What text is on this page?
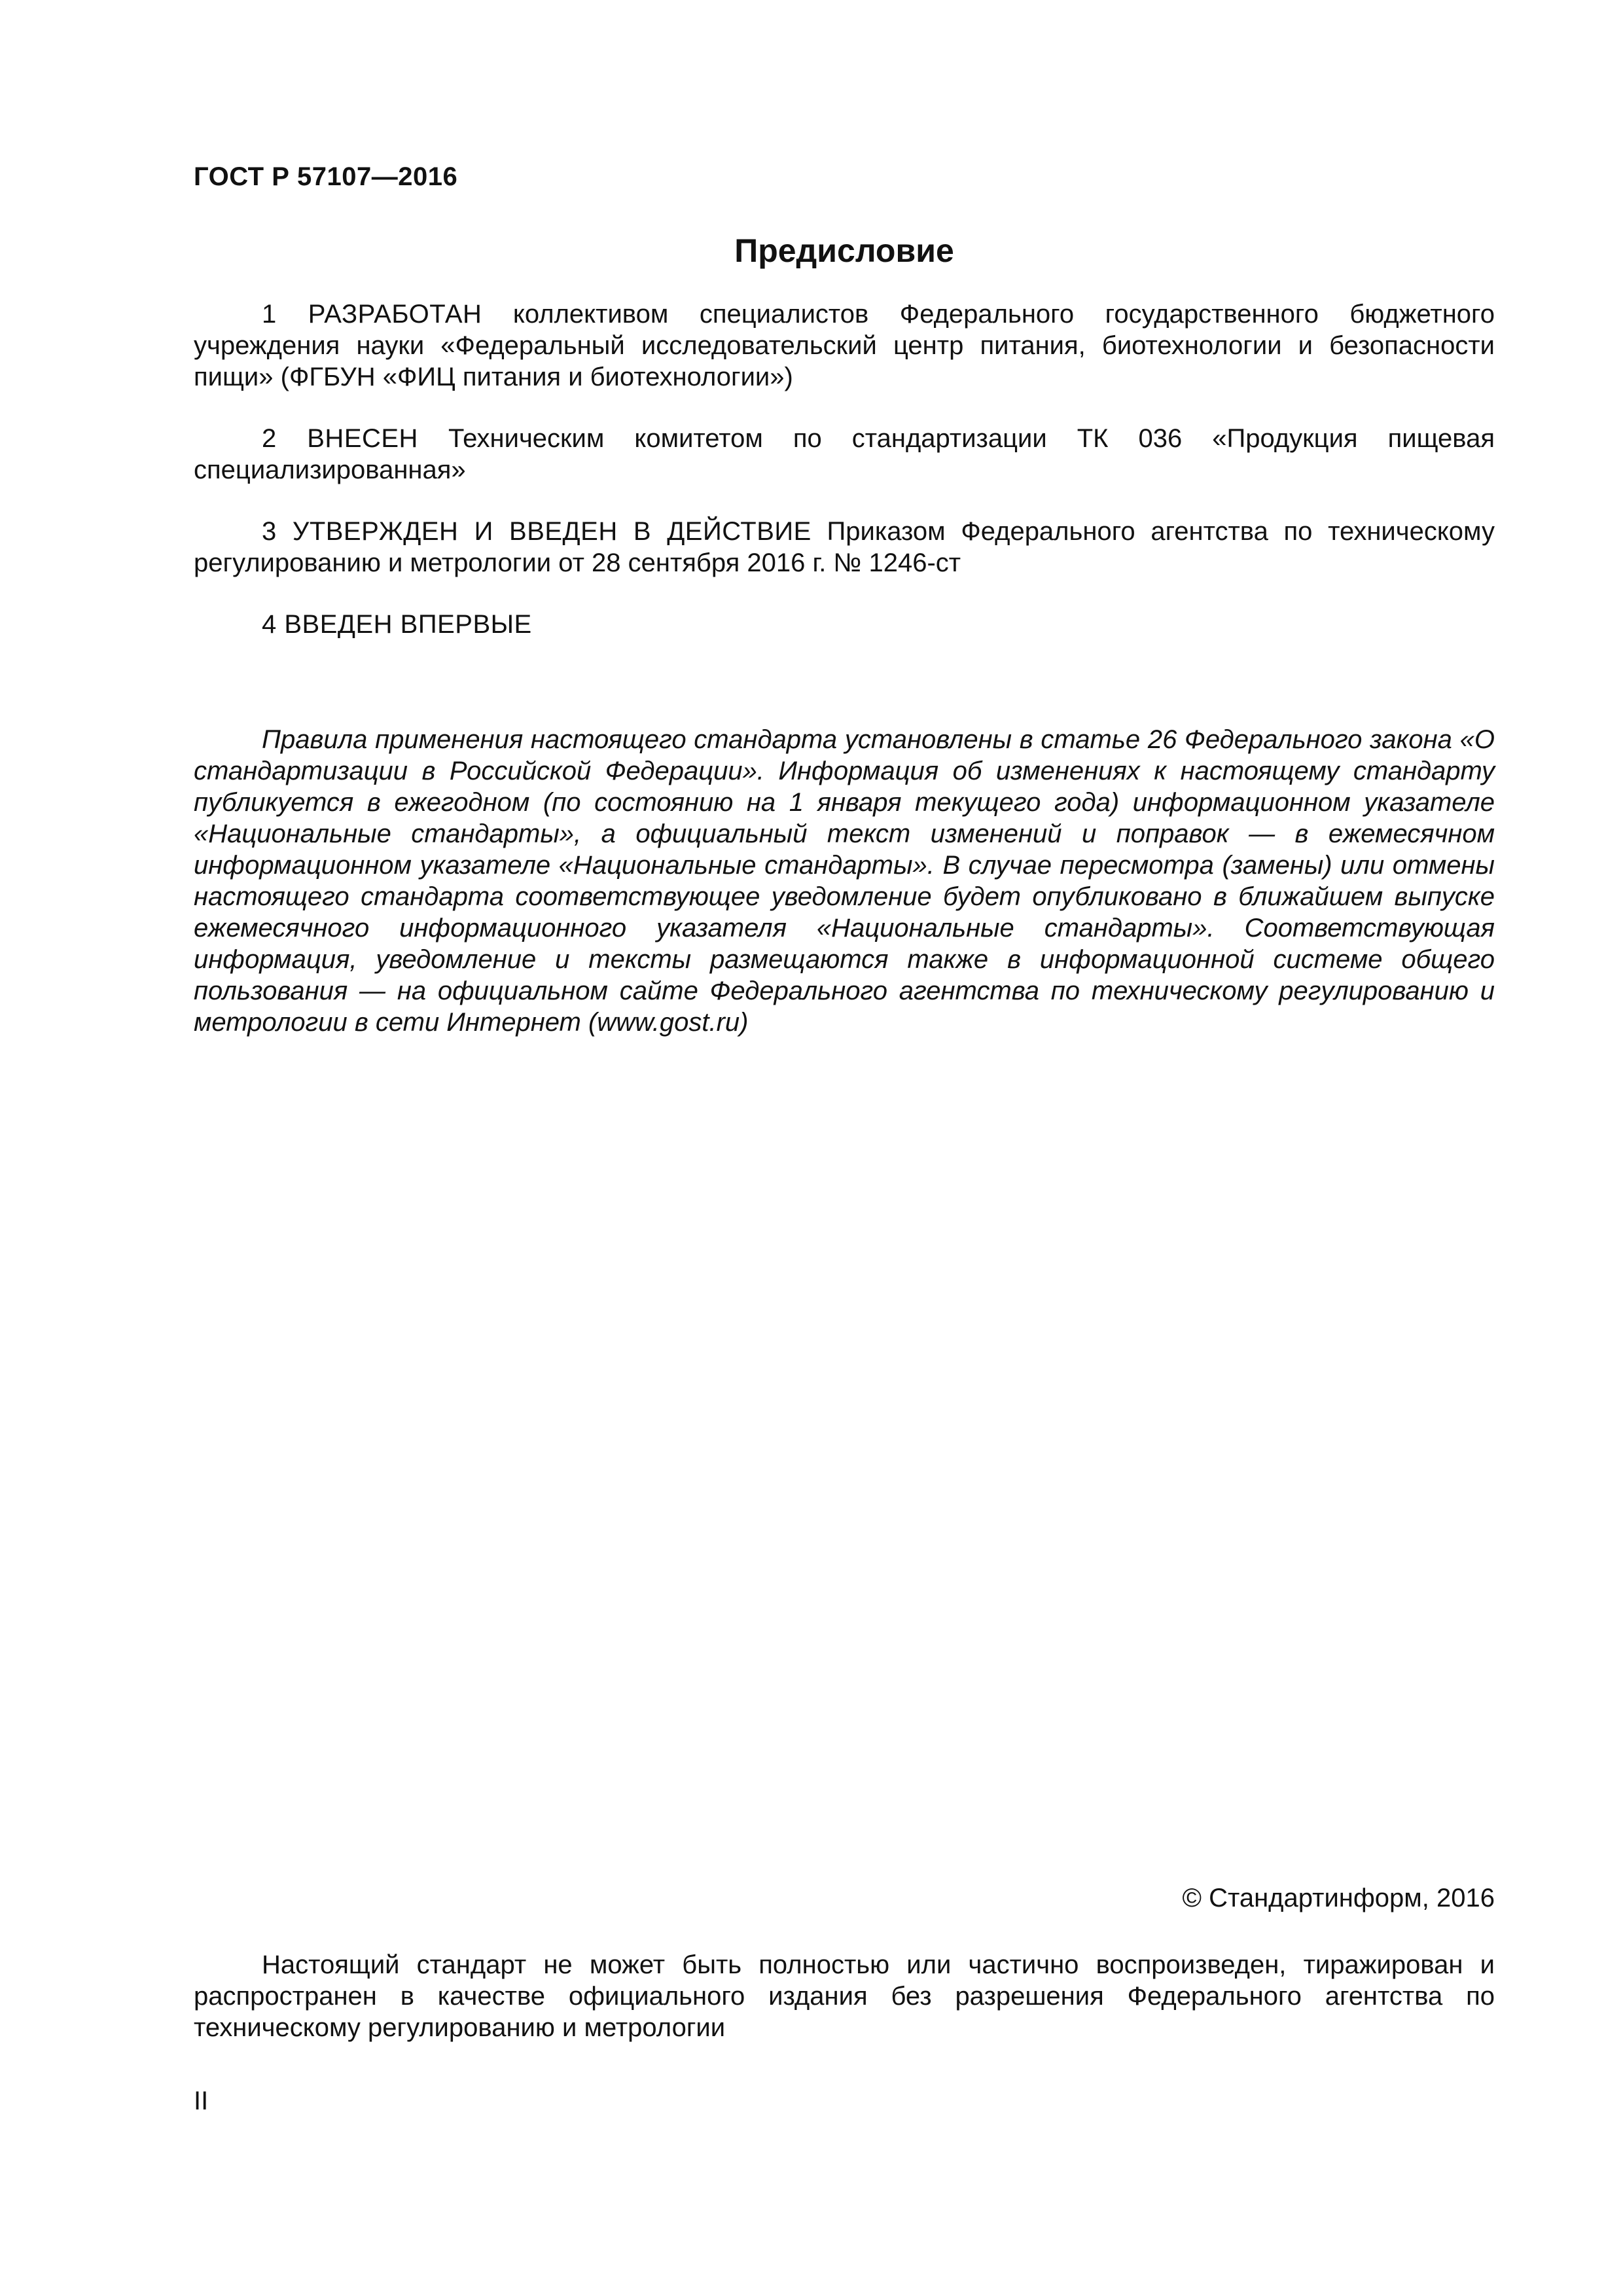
ГОСТ Р 57107—2016

Предисловие

1 РАЗРАБОТАН коллективом специалистов Федерального государственного бюджетного учреждения науки «Федеральный исследовательский центр питания, биотехнологии и безопасности пищи» (ФГБУН «ФИЦ питания и биотехнологии»)

2 ВНЕСЕН Техническим комитетом по стандартизации ТК 036 «Продукция пищевая специализированная»

3 УТВЕРЖДЕН И ВВЕДЕН В ДЕЙСТВИЕ Приказом Федерального агентства по техническому регулированию и метрологии от 28 сентября 2016 г. № 1246-ст

4 ВВЕДЕН ВПЕРВЫЕ

Правила применения настоящего стандарта установлены в статье 26 Федерального закона «О стандартизации в Российской Федерации». Информация об изменениях к настоящему стандарту публикуется в ежегодном (по состоянию на 1 января текущего года) информационном указателе «Национальные стандарты», а официальный текст изменений и поправок — в ежемесячном информационном указателе «Национальные стандарты». В случае пересмотра (замены) или отмены настоящего стандарта соответствующее уведомление будет опубликовано в ближайшем выпуске ежемесячного информационного указателя «Национальные стандарты». Соответствующая информация, уведомление и тексты размещаются также в информационной системе общего пользования — на официальном сайте Федерального агентства по техническому регулированию и метрологии в сети Интернет (www.gost.ru)

© Стандартинформ, 2016

Настоящий стандарт не может быть полностью или частично воспроизведен, тиражирован и распространен в качестве официального издания без разрешения Федерального агентства по техническому регулированию и метрологии

II
